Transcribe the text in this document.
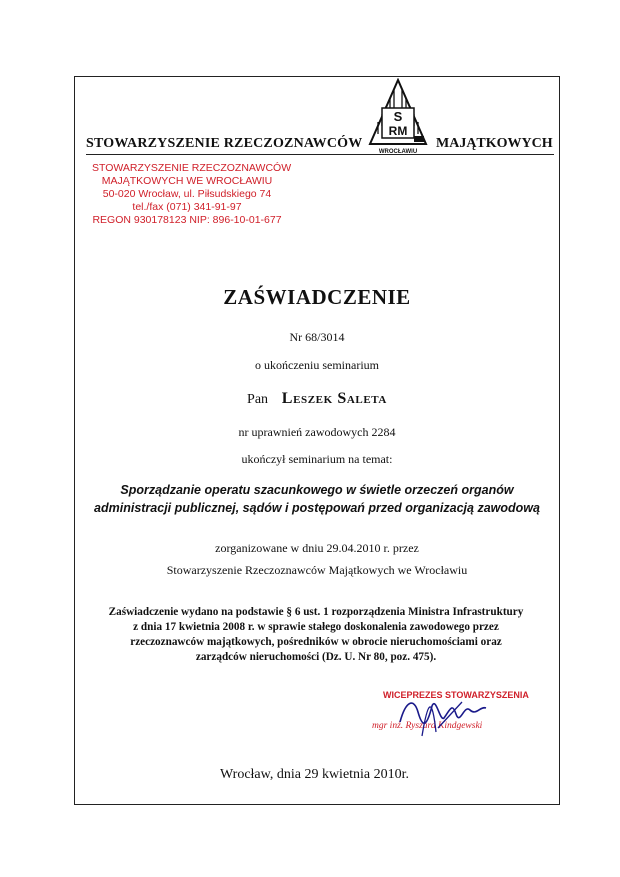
S
RM
WROCŁAWIU
STOWARZYSZENIE RZECZOZNAWCÓW	MAJĄTKOWYCH
STOWARZYSZENIE RZECZOZNAWCÓW
MAJĄTKOWYCH WE WROCŁAWIU
50-020 Wrocław, ul. Piłsudskiego 74
tel./fax (071) 341-91-97
REGON 930178123 NIP: 896-10-01-677
ZAŚWIADCZENIE
Nr 68/3014
o ukończeniu seminarium
Pan Leszek Saleta
nr uprawnień zawodowych 2284
ukończył seminarium na temat:
Sporządzanie operatu szacunkowego w świetle orzeczeń organów
administracji publicznej, sądów i postępowań przed organizacją zawodową
zorganizowane w dniu 29.04.2010 r. przez
Stowarzyszenie Rzeczoznawców Majątkowych we Wrocławiu
Zaświadczenie wydano na podstawie § 6 ust. 1 rozporządzenia Ministra Infrastruktury
z dnia 17 kwietnia 2008 r. w sprawie stałego doskonalenia zawodowego przez
rzeczoznawców majątkowych, pośredników w obrocie nieruchomościami oraz
zarządców nieruchomości (Dz. U. Nr 80, poz. 475).
WICEPREZES STOWARZYSZENIA
mgr inż. Ryszard Kindgewski
Wrocław, dnia 29 kwietnia 2010r.
